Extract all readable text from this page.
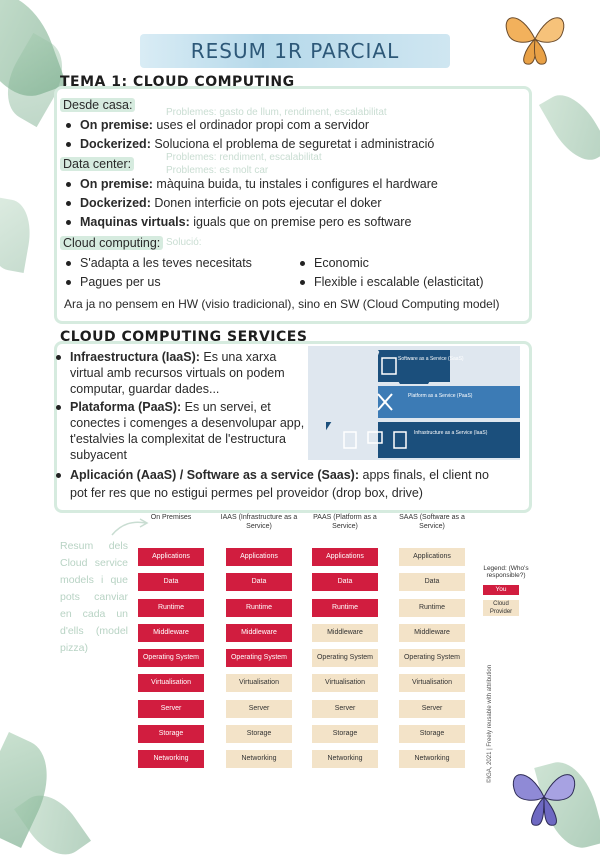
RESUM 1R PARCIAL
TEMA 1: CLOUD COMPUTING
Desde casa:
Problemes: gasto de llum, rendiment, escalabilitat
On premise: uses el ordinador propi com a servidor
Dockerized: Soluciona el problema de seguretat i administració
Problemes: rendiment, escalabilitat
Data center:	Problemes: es molt car
On premise: màquina buida, tu instales i configures el hardware
Dockerized: Donen interficie on pots ejecutar el doker
Maquinas virtuals: iguals que on premise pero es software
Cloud computing: Solució:
S'adapta a les teves necesitats
Pagues per us
Economic
Flexible i escalable (elasticitat)
Ara ja no pensem en HW (visio tradicional), sino en SW (Cloud Computing model)
CLOUD COMPUTING SERVICES
Infraestructura (IaaS): Es una xarxa
virtual amb recursos virtuals on podem
computar, guardar dades...
Plataforma (PaaS): Es un servei, et
conectes i comenges a desenvolupar app,
t'estalvies la complexitat de l'estructura
subyacent
Aplicación (AaaS) / Software as a service (Saas): apps finals, el client no
pot fer res que no estigui permes pel proveidor (drop box, drive)
Software as a Service (SaaS)
Platform as a Service (PaaS)
Infrastructure as a Service (IaaS)
Resum dels Cloud service models i que pots canviar en cada un d'ells (model pizza)
On Premises
Applications
Data
Runtime
Middleware
Operating System
Virtualisation
Server
Storage
Networking
IAAS (Infrastructure as a Service)
Applications
Data
Runtime
Middleware
Operating System
Virtualisation
Server
Storage
Networking
PAAS (Platform as a Service)
Applications
Data
Runtime
Middleware
Operating System
Virtualisation
Server
Storage
Networking
SAAS (Software as a Service)
Applications
Data
Runtime
Middleware
Operating System
Virtualisation
Server
Storage
Networking
Legend: (Who's responsible?)
You
Cloud Provider
©IGA, 2021 | Freely reusable with attribution
